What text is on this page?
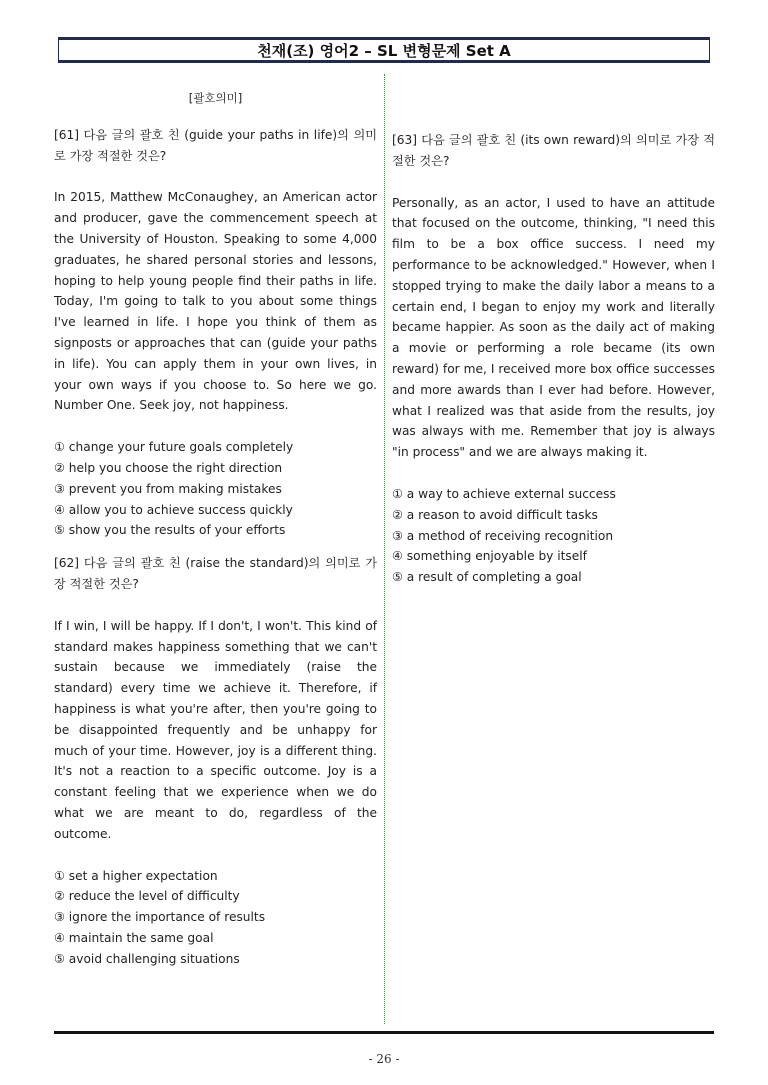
천재(조) 영어2 – SL 변형문제 Set A

[괄호의미]

[61] 다음 글의 괄호 친 (guide your paths in life)의 의미로 가장 적절한 것은?

In 2015, Matthew McConaughey, an American actor and producer, gave the commencement speech at the University of Houston. Speaking to some 4,000 graduates, he shared personal stories and lessons, hoping to help young people find their paths in life. Today, I'm going to talk to you about some things I've learned in life. I hope you think of them as signposts or approaches that can (guide your paths in life). You can apply them in your own lives, in your own ways if you choose to. So here we go. Number One. Seek joy, not happiness.

① change your future goals completely
② help you choose the right direction
③ prevent you from making mistakes
④ allow you to achieve success quickly
⑤ show you the results of your efforts

[62] 다음 글의 괄호 친 (raise the standard)의 의미로 가장 적절한 것은?

If I win, I will be happy. If I don't, I won't. This kind of standard makes happiness something that we can't sustain because we immediately (raise the standard) every time we achieve it. Therefore, if happiness is what you're after, then you're going to be disappointed frequently and be unhappy for much of your time. However, joy is a different thing. It's not a reaction to a specific outcome. Joy is a constant feeling that we experience when we do what we are meant to do, regardless of the outcome.

① set a higher expectation
② reduce the level of difficulty
③ ignore the importance of results
④ maintain the same goal
⑤ avoid challenging situations

[63] 다음 글의 괄호 친 (its own reward)의 의미로 가장 적절한 것은?

Personally, as an actor, I used to have an attitude that focused on the outcome, thinking, "I need this film to be a box office success. I need my performance to be acknowledged." However, when I stopped trying to make the daily labor a means to a certain end, I began to enjoy my work and literally became happier. As soon as the daily act of making a movie or performing a role became (its own reward) for me, I received more box office successes and more awards than I ever had before. However, what I realized was that aside from the results, joy was always with me. Remember that joy is always "in process" and we are always making it.

① a way to achieve external success
② a reason to avoid difficult tasks
③ a method of receiving recognition
④ something enjoyable by itself
⑤ a result of completing a goal
- 26 -
